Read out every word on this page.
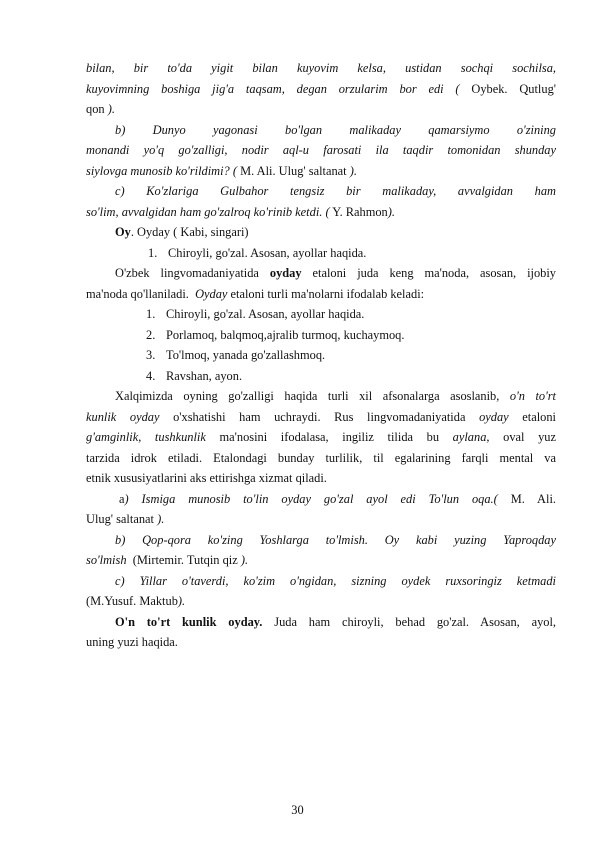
bilan, bir to'da yigit bilan kuyovim kelsa, ustidan sochqi sochilsa,

kuyovimning boshiga jig'a taqsam, degan orzularim bor edi ( Oybek. Qutlug'

qon ).

b) Dunyo yagonasi bo'lgan malikaday qamarsiymo o'zining

monandi yo'q go'zalligi, nodir aql-u farosati ila taqdir tomonidan shunday

siylovga munosib ko'rildimi? ( M. Ali. Ulug' saltanat ).

c) Ko'zlariga Gulbahor tengsiz bir malikaday, avvalgidan ham

so'lim, avvalgidan ham go'zalroq ko'rinib ketdi. ( Y. Rahmon).

Oy. Oyday ( Kabi, singari)

1. Chiroyli, go'zal. Asosan, ayollar haqida.

O'zbek lingvomadaniyatida oyday etaloni juda keng ma'noda, asosan, ijobiy

ma'noda qo'llaniladi. Oyday etaloni turli ma'nolarni ifodalab keladi:

1. Chiroyli, go'zal. Asosan, ayollar haqida.

2. Porlamoq, balqmoq,ajralib turmoq, kuchaymoq.

3. To'lmoq, yanada go'zallashmoq.

4. Ravshan, ayon.

Xalqimizda oyning go'zalligi haqida turli xil afsonalarga asoslanib, o'n to'rt

kunlik oyday o'xshatishi ham uchraydi. Rus lingvomadaniyatida oyday etaloni

g'amginlik, tushkunlik ma'nosini ifodalasa, ingiliz tilida bu aylana, oval yuz

tarzida idrok etiladi. Etalondagi bunday turlilik, til egalarining farqli mental va

etnik xususiyatlarini aks ettirishga xizmat qiladi.

a) Ismiga munosib to'lin oyday go'zal ayol edi To'lun oqa.( M. Ali.

Ulug' saltanat ).

b) Qop-qora ko'zing Yoshlarga to'lmish. Oy kabi yuzing Yaproqday

so'lmish (Mirtemir. Tutqin qiz ).

c) Yillar o'taverdi, ko'zim o'ngidan, sizning oydek ruxsoringiz ketmadi

(M.Yusuf. Maktub).

O'n to'rt kunlik oyday. Juda ham chiroyli, behad go'zal. Asosan, ayol,

uning yuzi haqida.

30
